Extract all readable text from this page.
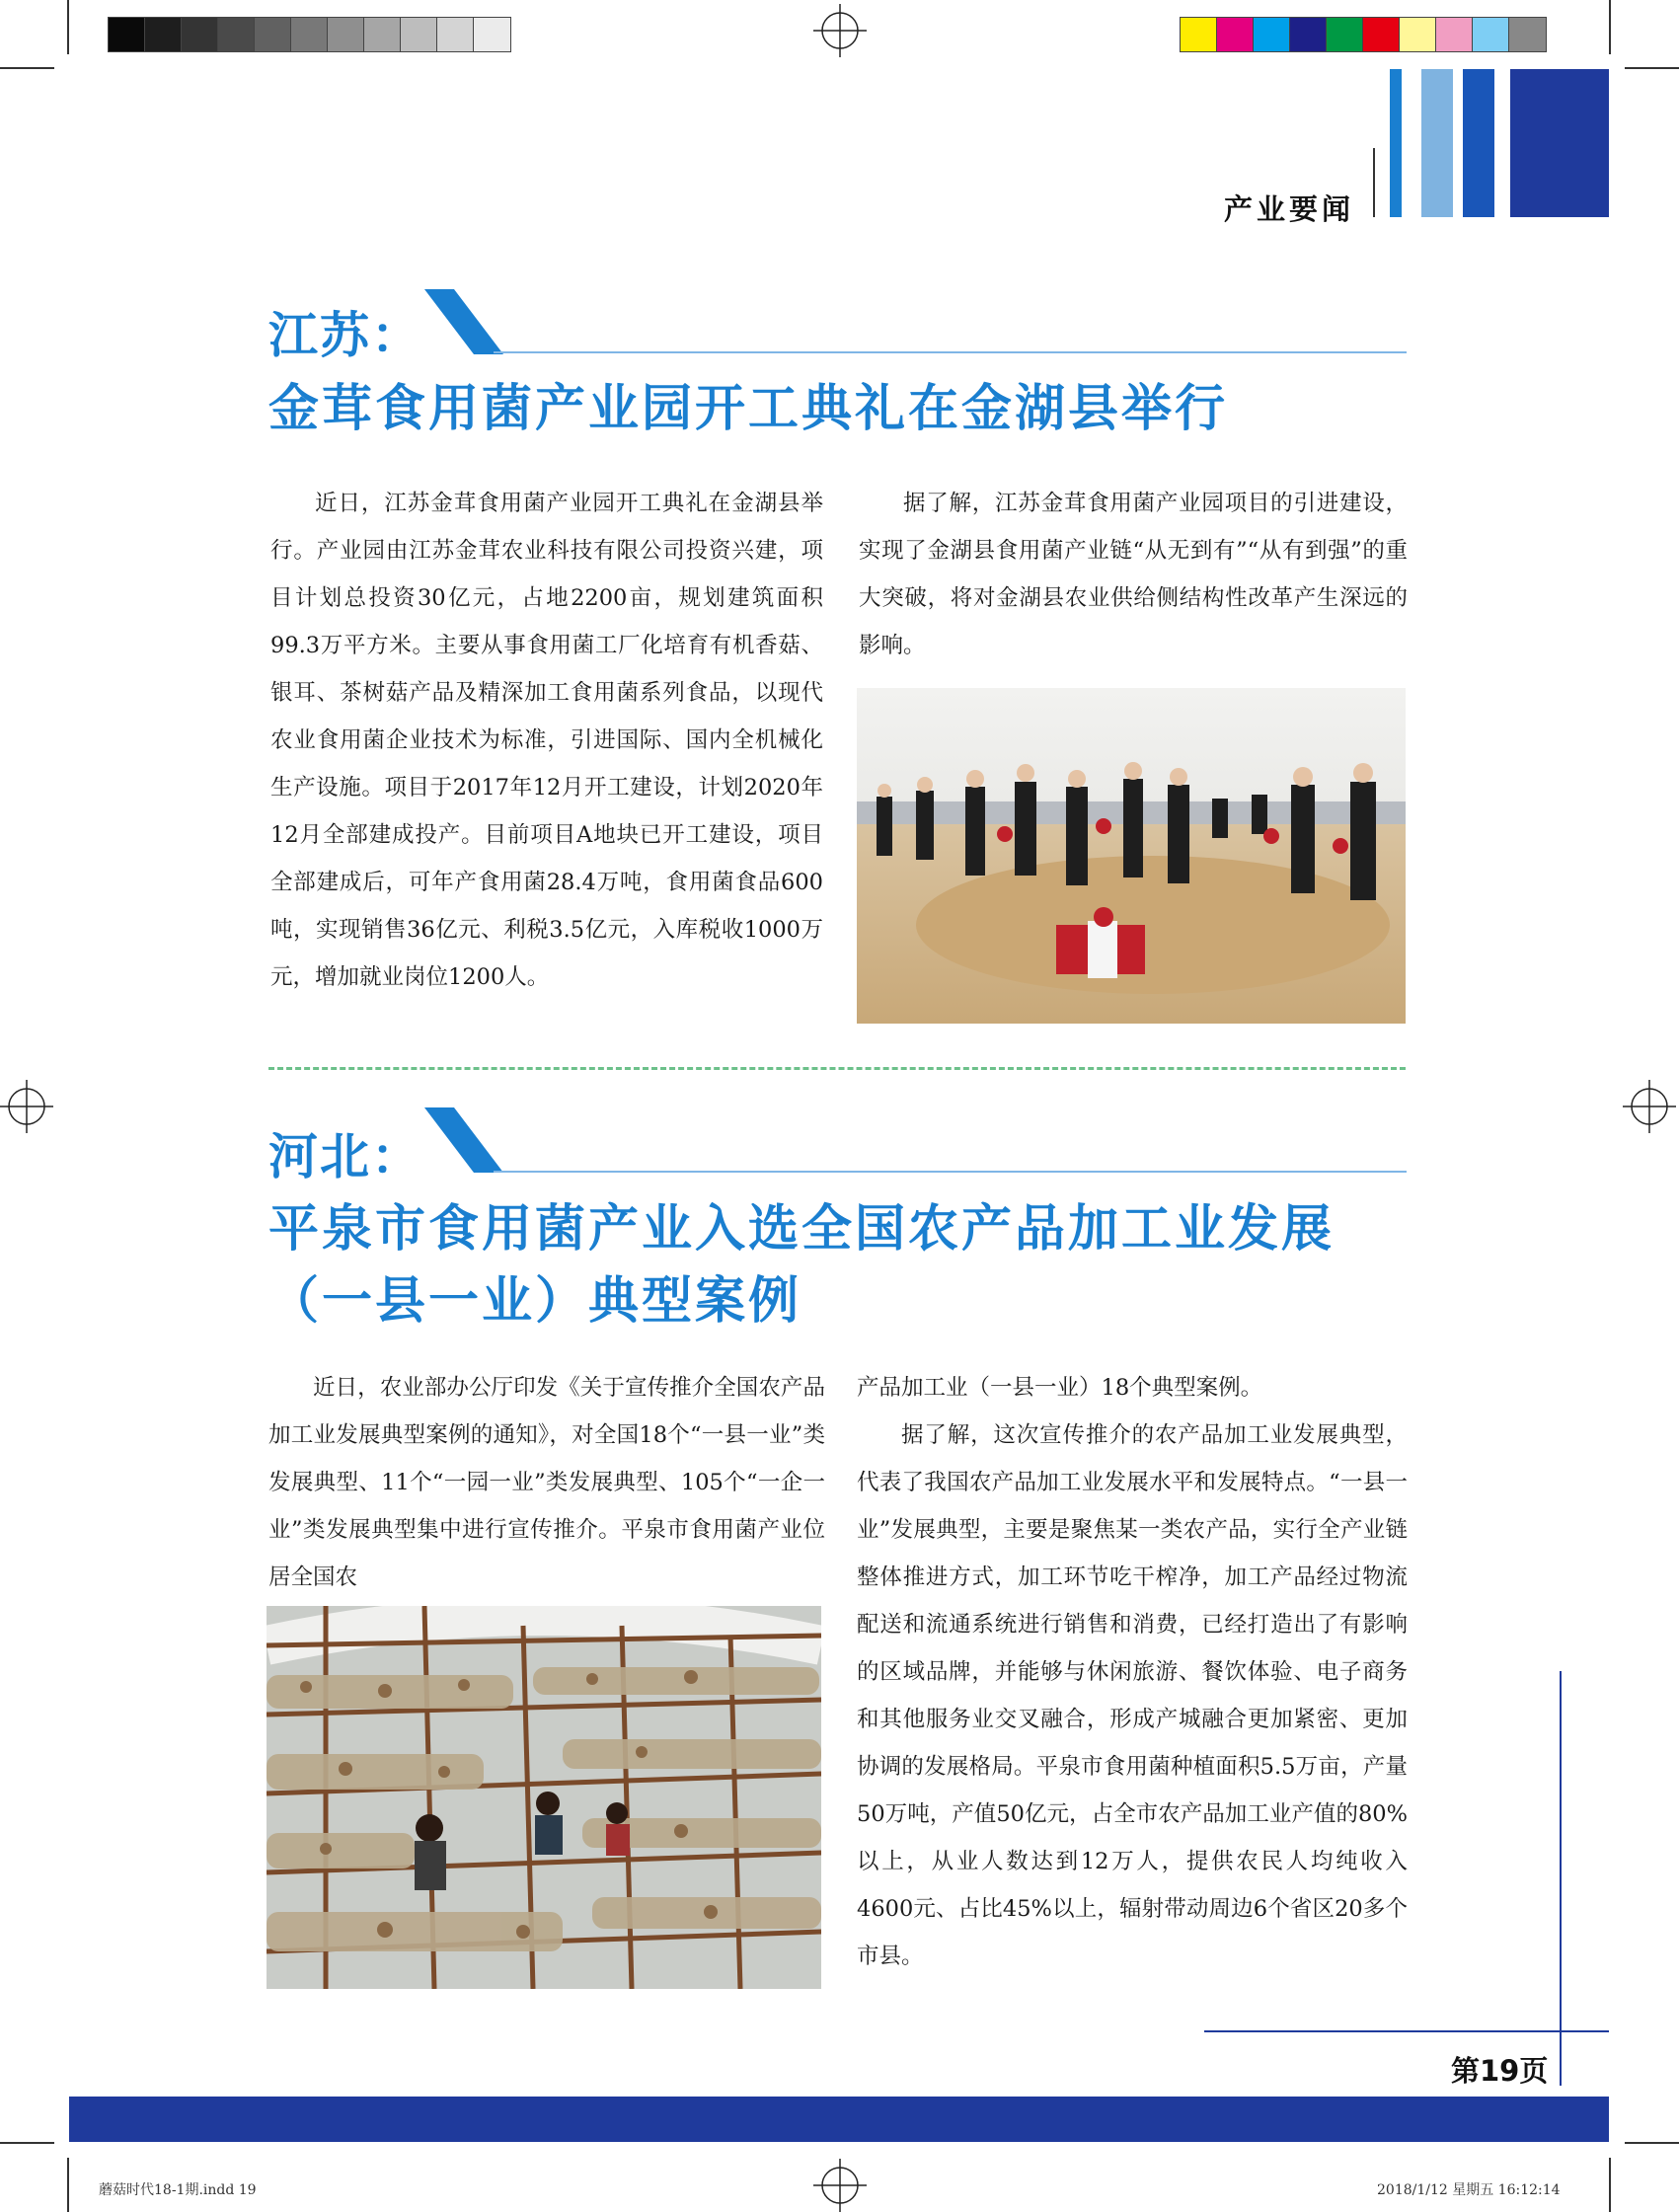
产业要闻
江苏：
金茸食用菌产业园开工典礼在金湖县举行

近日，江苏金茸食用菌产业园开工典礼在金湖县举行。产业园由江苏金茸农业科技有限公司投资兴建，项目计划总投资30亿元，占地2200亩，规划建筑面积99.3万平方米。主要从事食用菌工厂化培育有机香菇、银耳、茶树菇产品及精深加工食用菌系列食品，以现代农业食用菌企业技术为标准，引进国际、国内全机械化生产设施。项目于2017年12月开工建设，计划2020年12月全部建成投产。目前项目A地块已开工建设，项目全部建成后，可年产食用菌28.4万吨，食用菌食品600吨，实现销售36亿元、利税3.5亿元，入库税收1000万元，增加就业岗位1200人。

据了解，江苏金茸食用菌产业园项目的引进建设，实现了金湖县食用菌产业链“从无到有”“从有到强”的重大突破，将对金湖县农业供给侧结构性改革产生深远的影响。

河北：
平泉市食用菌产业入选全国农产品加工业发展
（一县一业）典型案例

近日，农业部办公厅印发《关于宣传推介全国农产品加工业发展典型案例的通知》，对全国18个“一县一业”类发展典型、11个“一园一业”类发展典型、105个“一企一业”类发展典型集中进行宣传推介。平泉市食用菌产业位居全国农

产品加工业（一县一业）18个典型案例。

据了解，这次宣传推介的农产品加工业发展典型，代表了我国农产品加工业发展水平和发展特点。“一县一业”发展典型，主要是聚焦某一类农产品，实行全产业链整体推进方式，加工环节吃干榨净，加工产品经过物流配送和流通系统进行销售和消费，已经打造出了有影响的区域品牌，并能够与休闲旅游、餐饮体验、电子商务和其他服务业交叉融合，形成产城融合更加紧密、更加协调的发展格局。平泉市食用菌种植面积5.5万亩，产量50万吨，产值50亿元，占全市农产品加工业产值的80%以上，从业人数达到12万人，提供农民人均纯收入4600元、占比45%以上，辐射带动周边6个省区20多个市县。

第19页
蘑菇时代18-1期.indd 19	2018/1/12 星期五 16:12:14
